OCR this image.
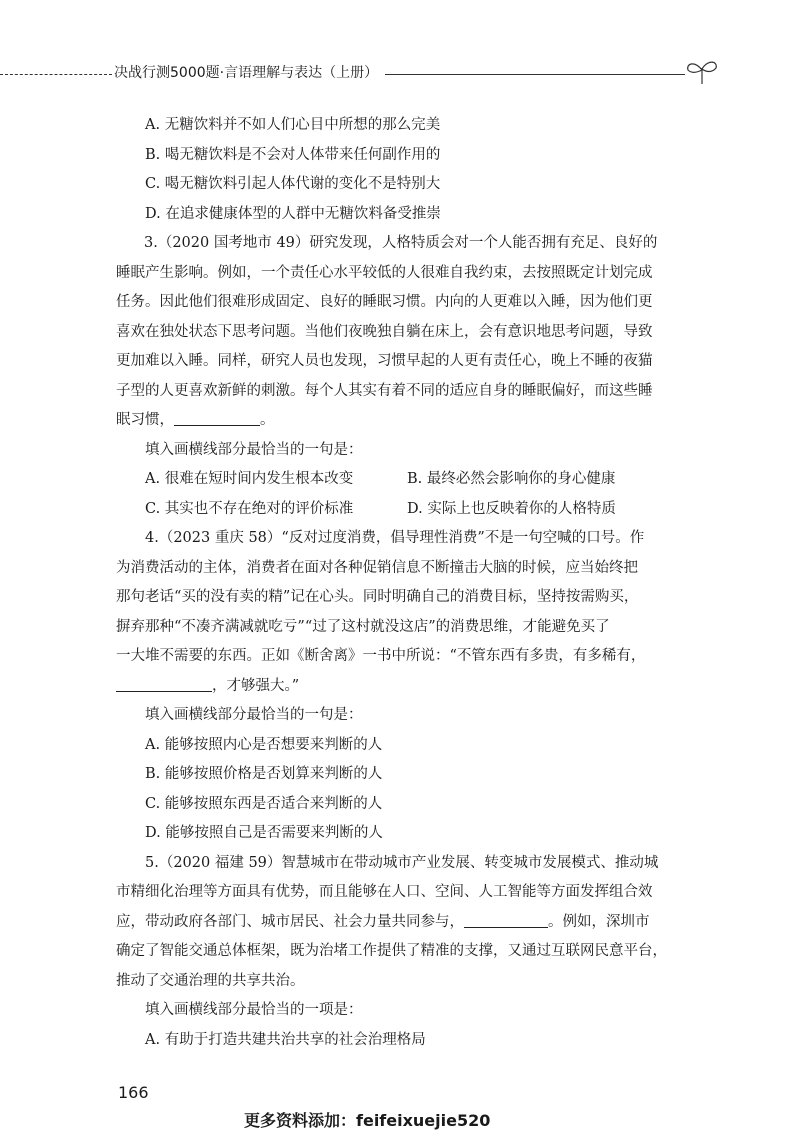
决战行测5000题·言语理解与表达（上册）

A. 无糖饮料并不如人们心目中所想的那么完美

B. 喝无糖饮料是不会对人体带来任何副作用的

C. 喝无糖饮料引起人体代谢的变化不是特别大

D. 在追求健康体型的人群中无糖饮料备受推崇

3.（2020 国考地市 49）研究发现，人格特质会对一个人能否拥有充足、良好的

睡眠产生影响。例如，一个责任心水平较低的人很难自我约束，去按照既定计划完成

任务。因此他们很难形成固定、良好的睡眠习惯。内向的人更难以入睡，因为他们更

喜欢在独处状态下思考问题。当他们夜晚独自躺在床上，会有意识地思考问题，导致

更加难以入睡。同样，研究人员也发现，习惯早起的人更有责任心，晚上不睡的夜猫

子型的人更喜欢新鲜的刺激。每个人其实有着不同的适应自身的睡眠偏好，而这些睡

眠习惯，	。

填入画横线部分最恰当的一句是：

A. 很难在短时间内发生根本改变	B. 最终必然会影响你的身心健康
C. 其实也不存在绝对的评价标准	D. 实际上也反映着你的人格特质

4.（2023 重庆 58）“反对过度消费，倡导理性消费”不是一句空喊的口号。作

为消费活动的主体，消费者在面对各种促销信息不断撞击大脑的时候，应当始终把

那句老话“买的没有卖的精”记在心头。同时明确自己的消费目标，坚持按需购买，

摒弃那种“不凑齐满减就吃亏”“过了这村就没这店”的消费思维，才能避免买了

一大堆不需要的东西。正如《断舍离》一书中所说：“不管东西有多贵，有多稀有，

，才够强大。”

填入画横线部分最恰当的一句是：

A. 能够按照内心是否想要来判断的人

B. 能够按照价格是否划算来判断的人

C. 能够按照东西是否适合来判断的人

D. 能够按照自己是否需要来判断的人

5.（2020 福建 59）智慧城市在带动城市产业发展、转变城市发展模式、推动城

市精细化治理等方面具有优势，而且能够在人口、空间、人工智能等方面发挥组合效

应，带动政府各部门、城市居民、社会力量共同参与，	。例如，深圳市

确定了智能交通总体框架，既为治堵工作提供了精准的支撑，又通过互联网民意平台，

推动了交通治理的共享共治。

填入画横线部分最恰当的一项是：

A. 有助于打造共建共治共享的社会治理格局

166
更多资料添加：feifeixuejie520
